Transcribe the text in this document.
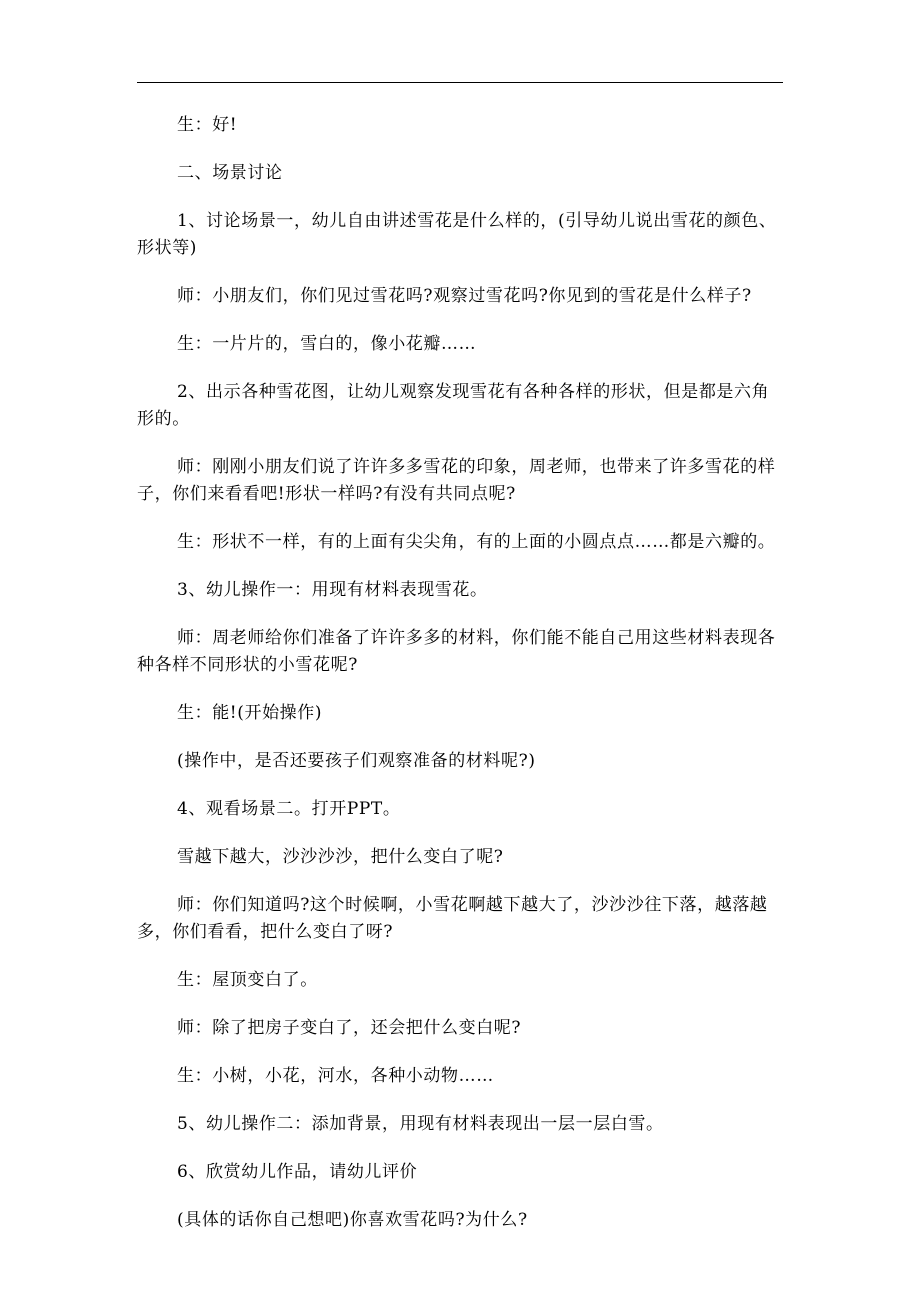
生：好!

二、场景讨论

1、讨论场景一，幼儿自由讲述雪花是什么样的，(引导幼儿说出雪花的颜色、形状等)

师：小朋友们，你们见过雪花吗?观察过雪花吗?你见到的雪花是什么样子?

生：一片片的，雪白的，像小花瓣……

2、出示各种雪花图，让幼儿观察发现雪花有各种各样的形状，但是都是六角形的。

师：刚刚小朋友们说了许许多多雪花的印象，周老师，也带来了许多雪花的样子，你们来看看吧!形状一样吗?有没有共同点呢?

生：形状不一样，有的上面有尖尖角，有的上面的小圆点点……都是六瓣的。

3、幼儿操作一：用现有材料表现雪花。

师：周老师给你们准备了许许多多的材料，你们能不能自己用这些材料表现各种各样不同形状的小雪花呢?

生：能!(开始操作)

(操作中，是否还要孩子们观察准备的材料呢?)

4、观看场景二。打开PPT。

雪越下越大，沙沙沙沙，把什么变白了呢?

师：你们知道吗?这个时候啊，小雪花啊越下越大了，沙沙沙往下落，越落越多，你们看看，把什么变白了呀?

生：屋顶变白了。

师：除了把房子变白了，还会把什么变白呢?

生：小树，小花，河水，各种小动物……

5、幼儿操作二：添加背景，用现有材料表现出一层一层白雪。

6、欣赏幼儿作品，请幼儿评价

(具体的话你自己想吧)你喜欢雪花吗?为什么?
